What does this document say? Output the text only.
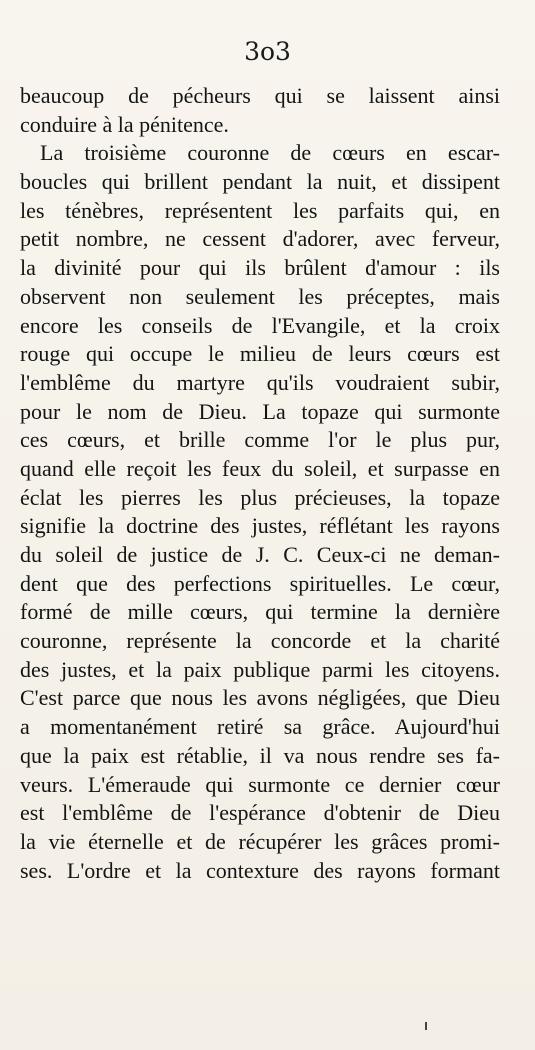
3o3

beaucoup de pécheurs qui se laissent ainsi
conduire à la pénitence.
La troisième couronne de cœurs en escar-
boucles qui brillent pendant la nuit, et dissipent
les ténèbres, représentent les parfaits qui, en
petit nombre, ne cessent d'adorer, avec ferveur,
la divinité pour qui ils brûlent d'amour : ils
observent non seulement les préceptes, mais
encore les conseils de l'Evangile, et la croix
rouge qui occupe le milieu de leurs cœurs est
l'emblême du martyre qu'ils voudraient subir,
pour le nom de Dieu. La topaze qui surmonte
ces cœurs, et brille comme l'or le plus pur,
quand elle reçoit les feux du soleil, et surpasse en
éclat les pierres les plus précieuses, la topaze
signifie la doctrine des justes, réflétant les rayons
du soleil de justice de J. C. Ceux-ci ne deman-
dent que des perfections spirituelles. Le cœur,
formé de mille cœurs, qui termine la dernière
couronne, représente la concorde et la charité
des justes, et la paix publique parmi les citoyens.
C'est parce que nous les avons négligées, que Dieu
a momentanément retiré sa grâce. Aujourd'hui
que la paix est rétablie, il va nous rendre ses fa-
veurs. L'émeraude qui surmonte ce dernier cœur
est l'emblême de l'espérance d'obtenir de Dieu
la vie éternelle et de récupérer les grâces promi-
ses. L'ordre et la contexture des rayons formant
